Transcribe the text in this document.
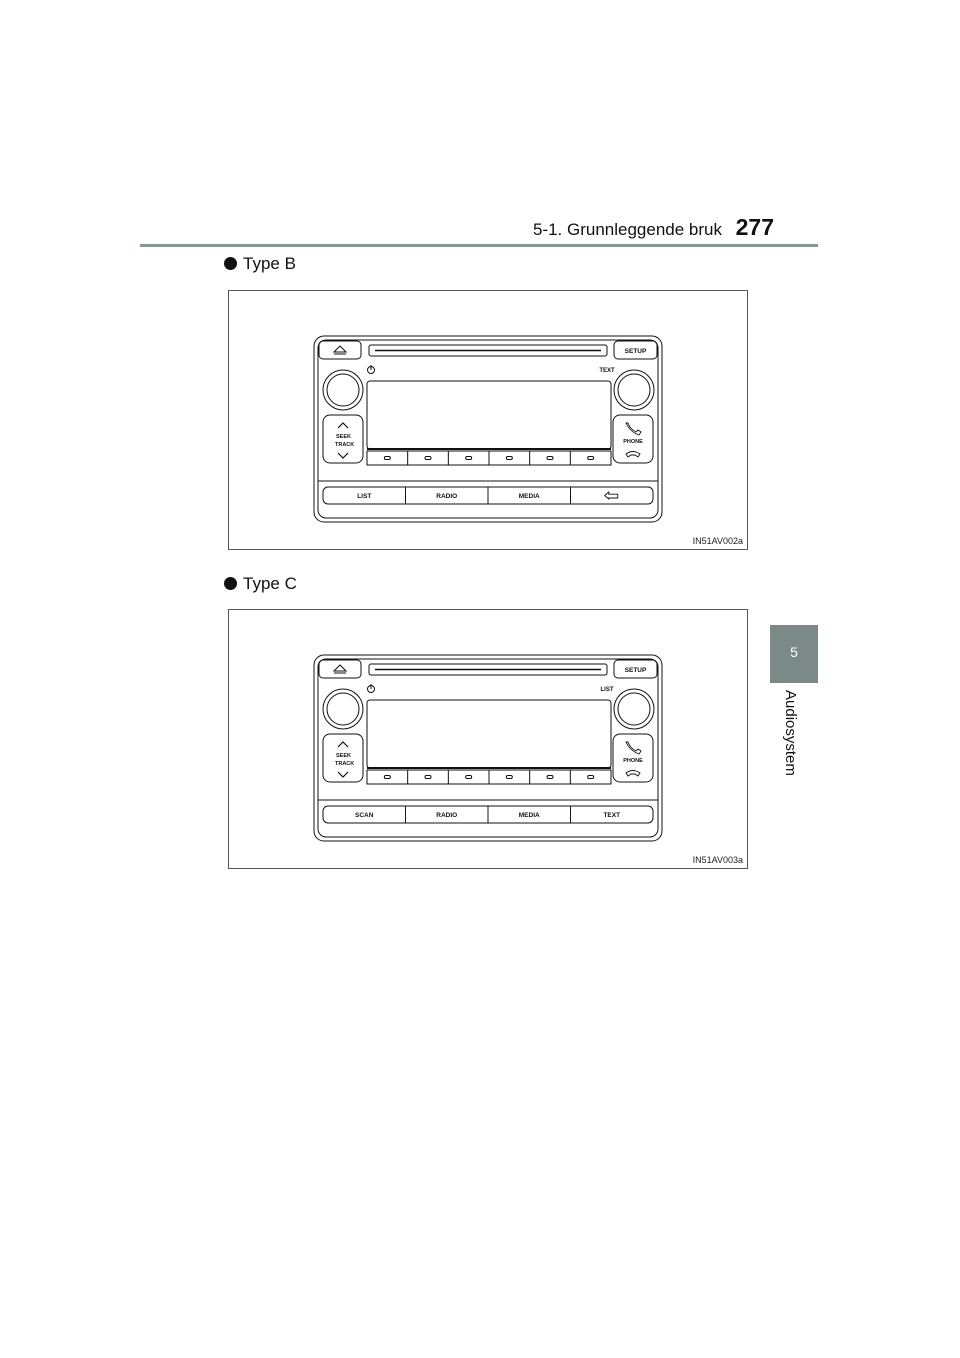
5-1. Grunnleggende bruk 277
5
Audiosystem
Type B
SETUP
TEXT
SEEK
TRACK	PHONE
LIST	RADIO	MEDIA
IN51AV002a
Type C
SETUP
LIST
SEEK
TRACK	PHONE
SCAN	RADIO	MEDIA	TEXT
IN51AV003a
